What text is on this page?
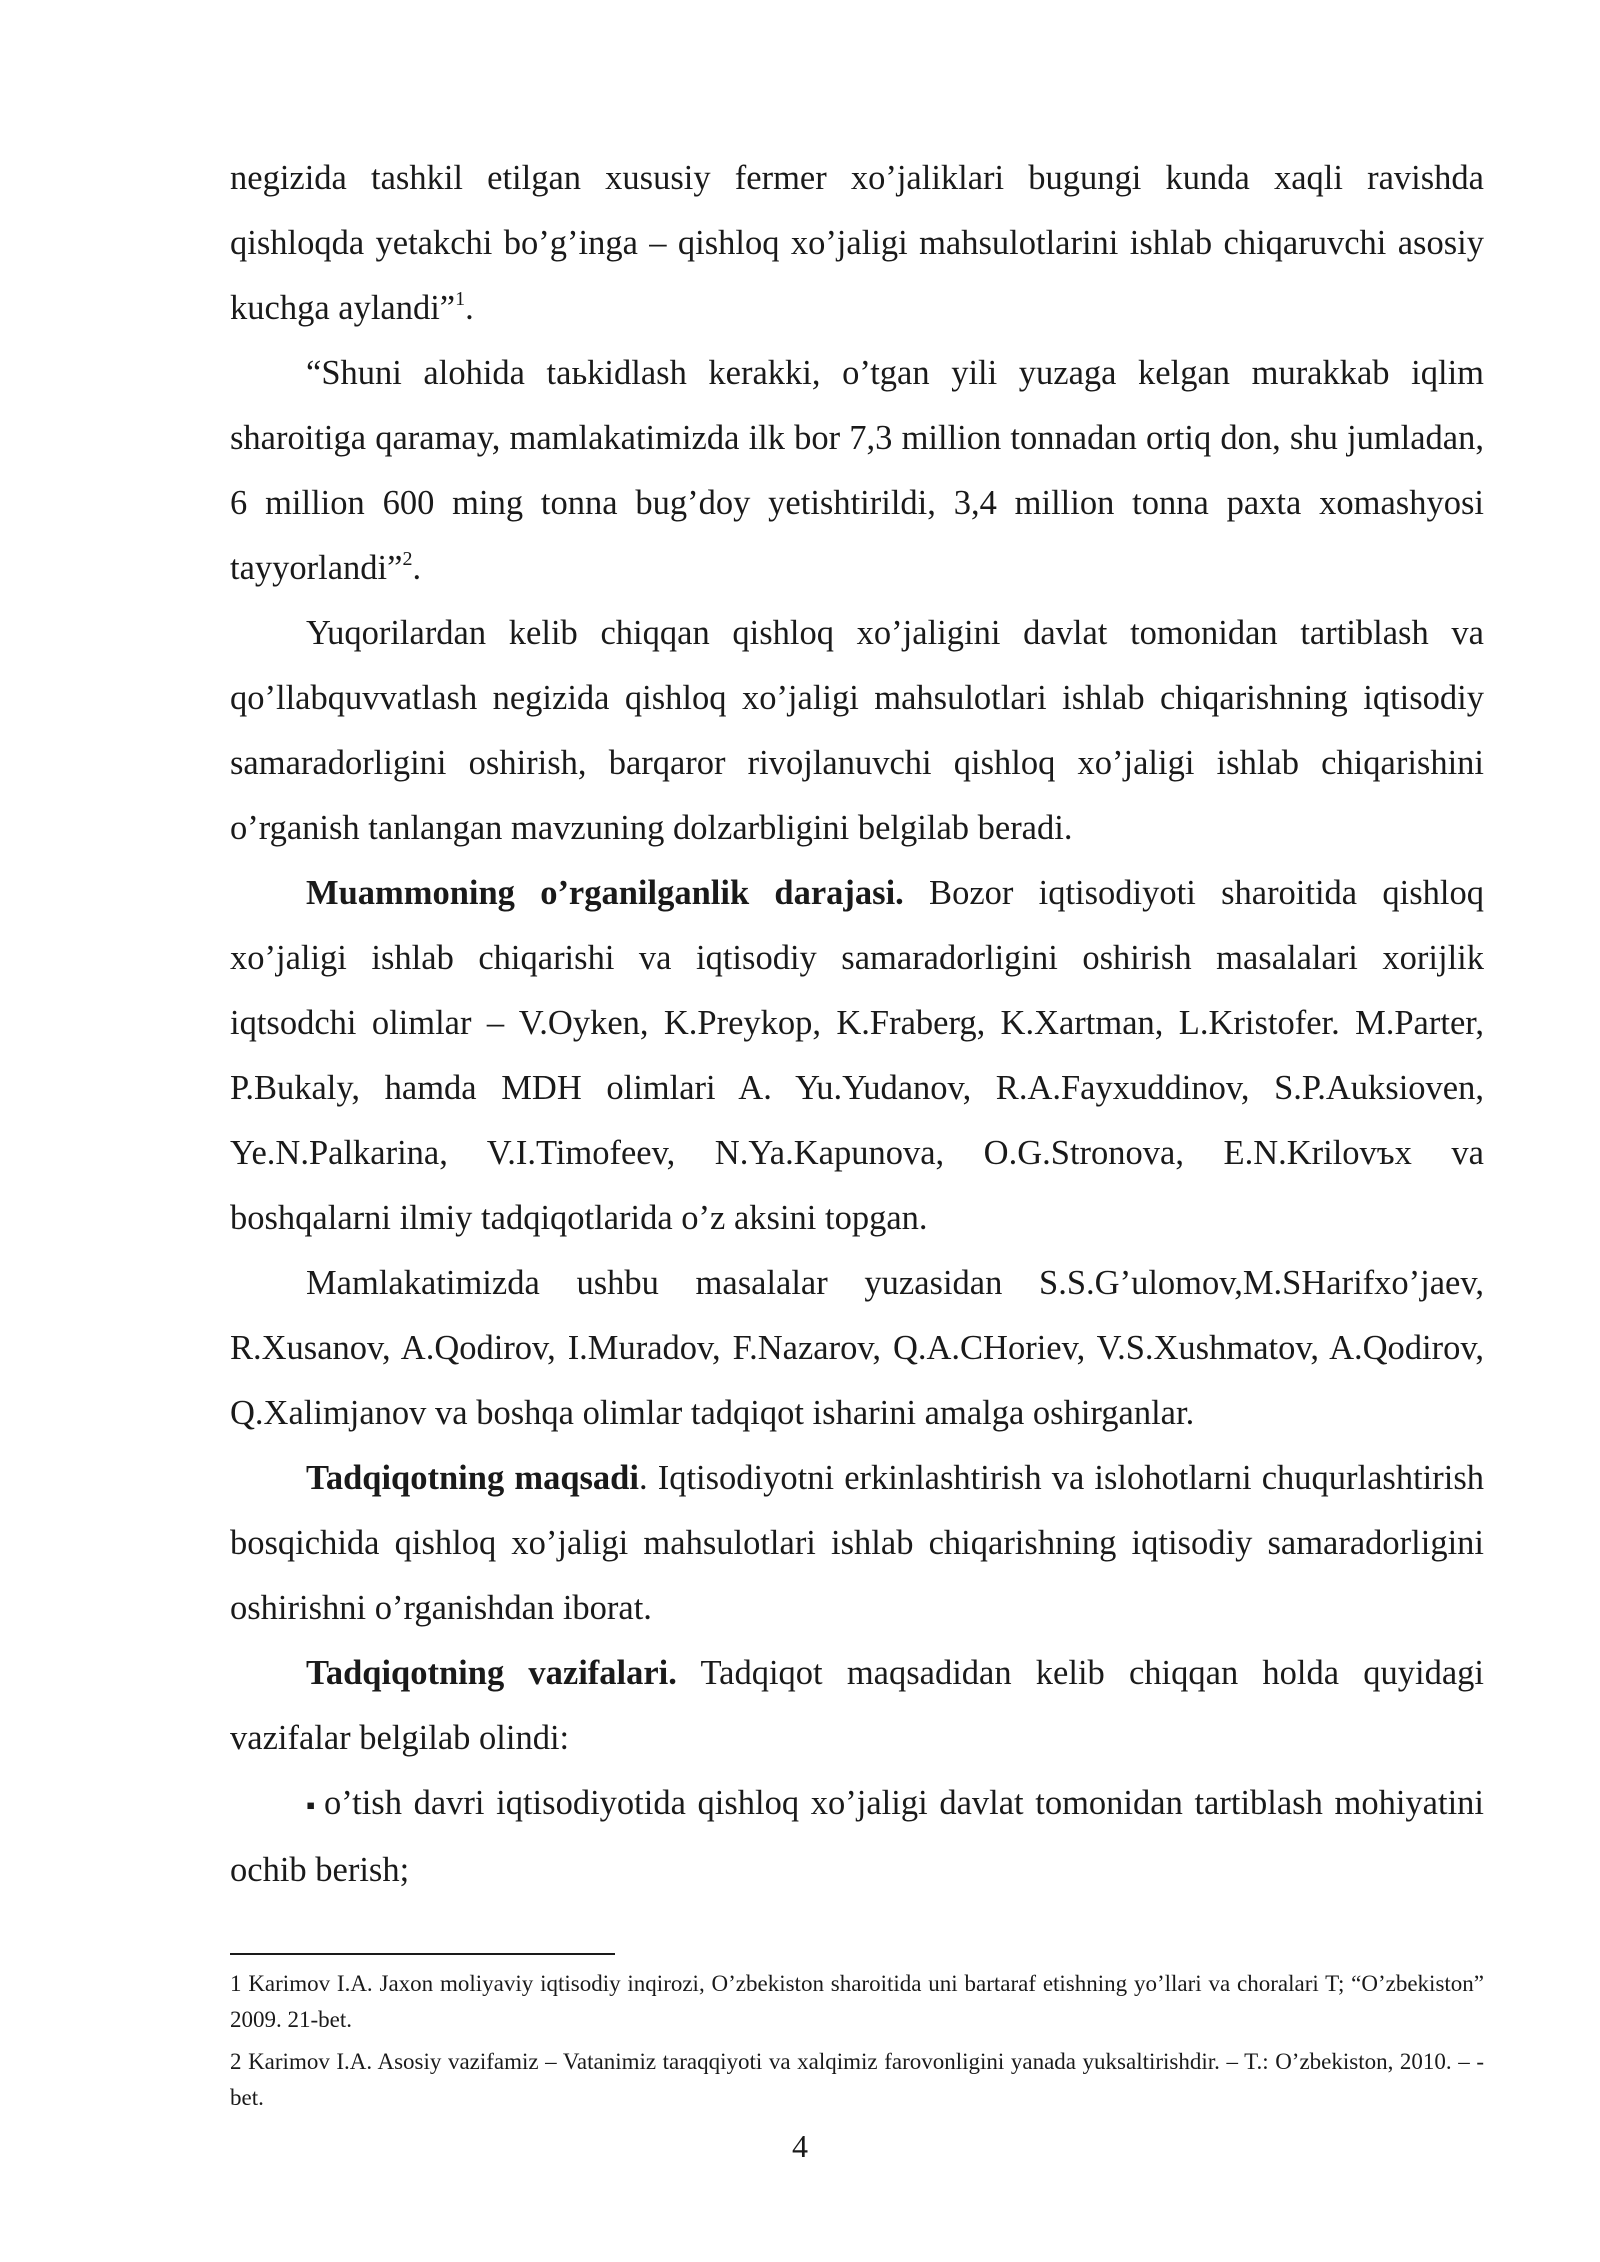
negizida tashkil etilgan xususiy fermer xo’jaliklari bugungi kunda xaqli ravishda qishloqda yetakchi bo’g’inga – qishloq xo’jaligi mahsulotlarini ishlab chiqaruvchi asosiy kuchga aylandi”$^1$.

“Shuni alohida taьkidlash kerakki, o’tgan yili yuzaga kelgan murakkab iqlim sharoitiga qaramay, mamlakatimizda ilk bor 7,3 million tonnadan ortiq don, shu jumladan, 6 million 600 ming tonna bug’doy yetishtirildi, 3,4 million tonna paxta xomashyosi tayyorlandi”$^2$.

Yuqorilardan kelib chiqqan qishloq xo’jaligini davlat tomonidan tartiblash va qo’llabquvvatlash negizida qishloq xo’jaligi mahsulotlari ishlab chiqarishning iqtisodiy samaradorligini oshirish, barqaror rivojlanuvchi qishloq xo’jaligi ishlab chiqarishini o’rganish tanlangan mavzuning dolzarbligini belgilab beradi.

Muammoning o’rganilganlik darajasi. Bozor iqtisodiyoti sharoitida qishloq xo’jaligi ishlab chiqarishi va iqtisodiy samaradorligini oshirish masalalari xorijlik iqtsodchi olimlar – V.Oyken, K.Preykop, K.Fraberg, K.Xartman, L.Kristofer. M.Parter, P.Bukaly, hamda MDH olimlari A. Yu.Yudanov, R.A.Fayxuddinov, S.P.Auksioven, Ye.N.Palkarina, V.I.Timofeev, N.Ya.Kapunova, O.G.Stronova, E.N.Krilovъx va boshqalarni ilmiy tadqiqotlarida o’z aksini topgan.

Mamlakatimizda ushbu masalalar yuzasidan S.S.G’ulomov,M.SHarifxo’jaev, R.Xusanov, A.Qodirov, I.Muradov, F.Nazarov, Q.A.CHoriev, V.S.Xushmatov, A.Qodirov, Q.Xalimjanov va boshqa olimlar tadqiqot isharini amalga oshirganlar.

Tadqiqotning maqsadi. Iqtisodiyotni erkinlashtirish va islohotlarni chuqurlashtirish bosqichida qishloq xo’jaligi mahsulotlari ishlab chiqarishning iqtisodiy samaradorligini oshirishni o’rganishdan iborat.

Tadqiqotning vazifalari. Tadqiqot maqsadidan kelib chiqqan holda quyidagi vazifalar belgilab olindi:

▪ o’tish davri iqtisodiyotida qishloq xo’jaligi davlat tomonidan tartiblash mohiyatini ochib berish;

1 Karimov I.A. Jaxon moliyaviy iqtisodiy inqirozi, O’zbekiston sharoitida uni bartaraf etishning yo’llari va choralari T; “O’zbekiston” 2009. 21-bet.

2 Karimov I.A. Asosiy vazifamiz – Vatanimiz taraqqiyoti va xalqimiz farovonligini yanada yuksaltirishdir. – T.: O’zbekiston, 2010. – -bet.

4
